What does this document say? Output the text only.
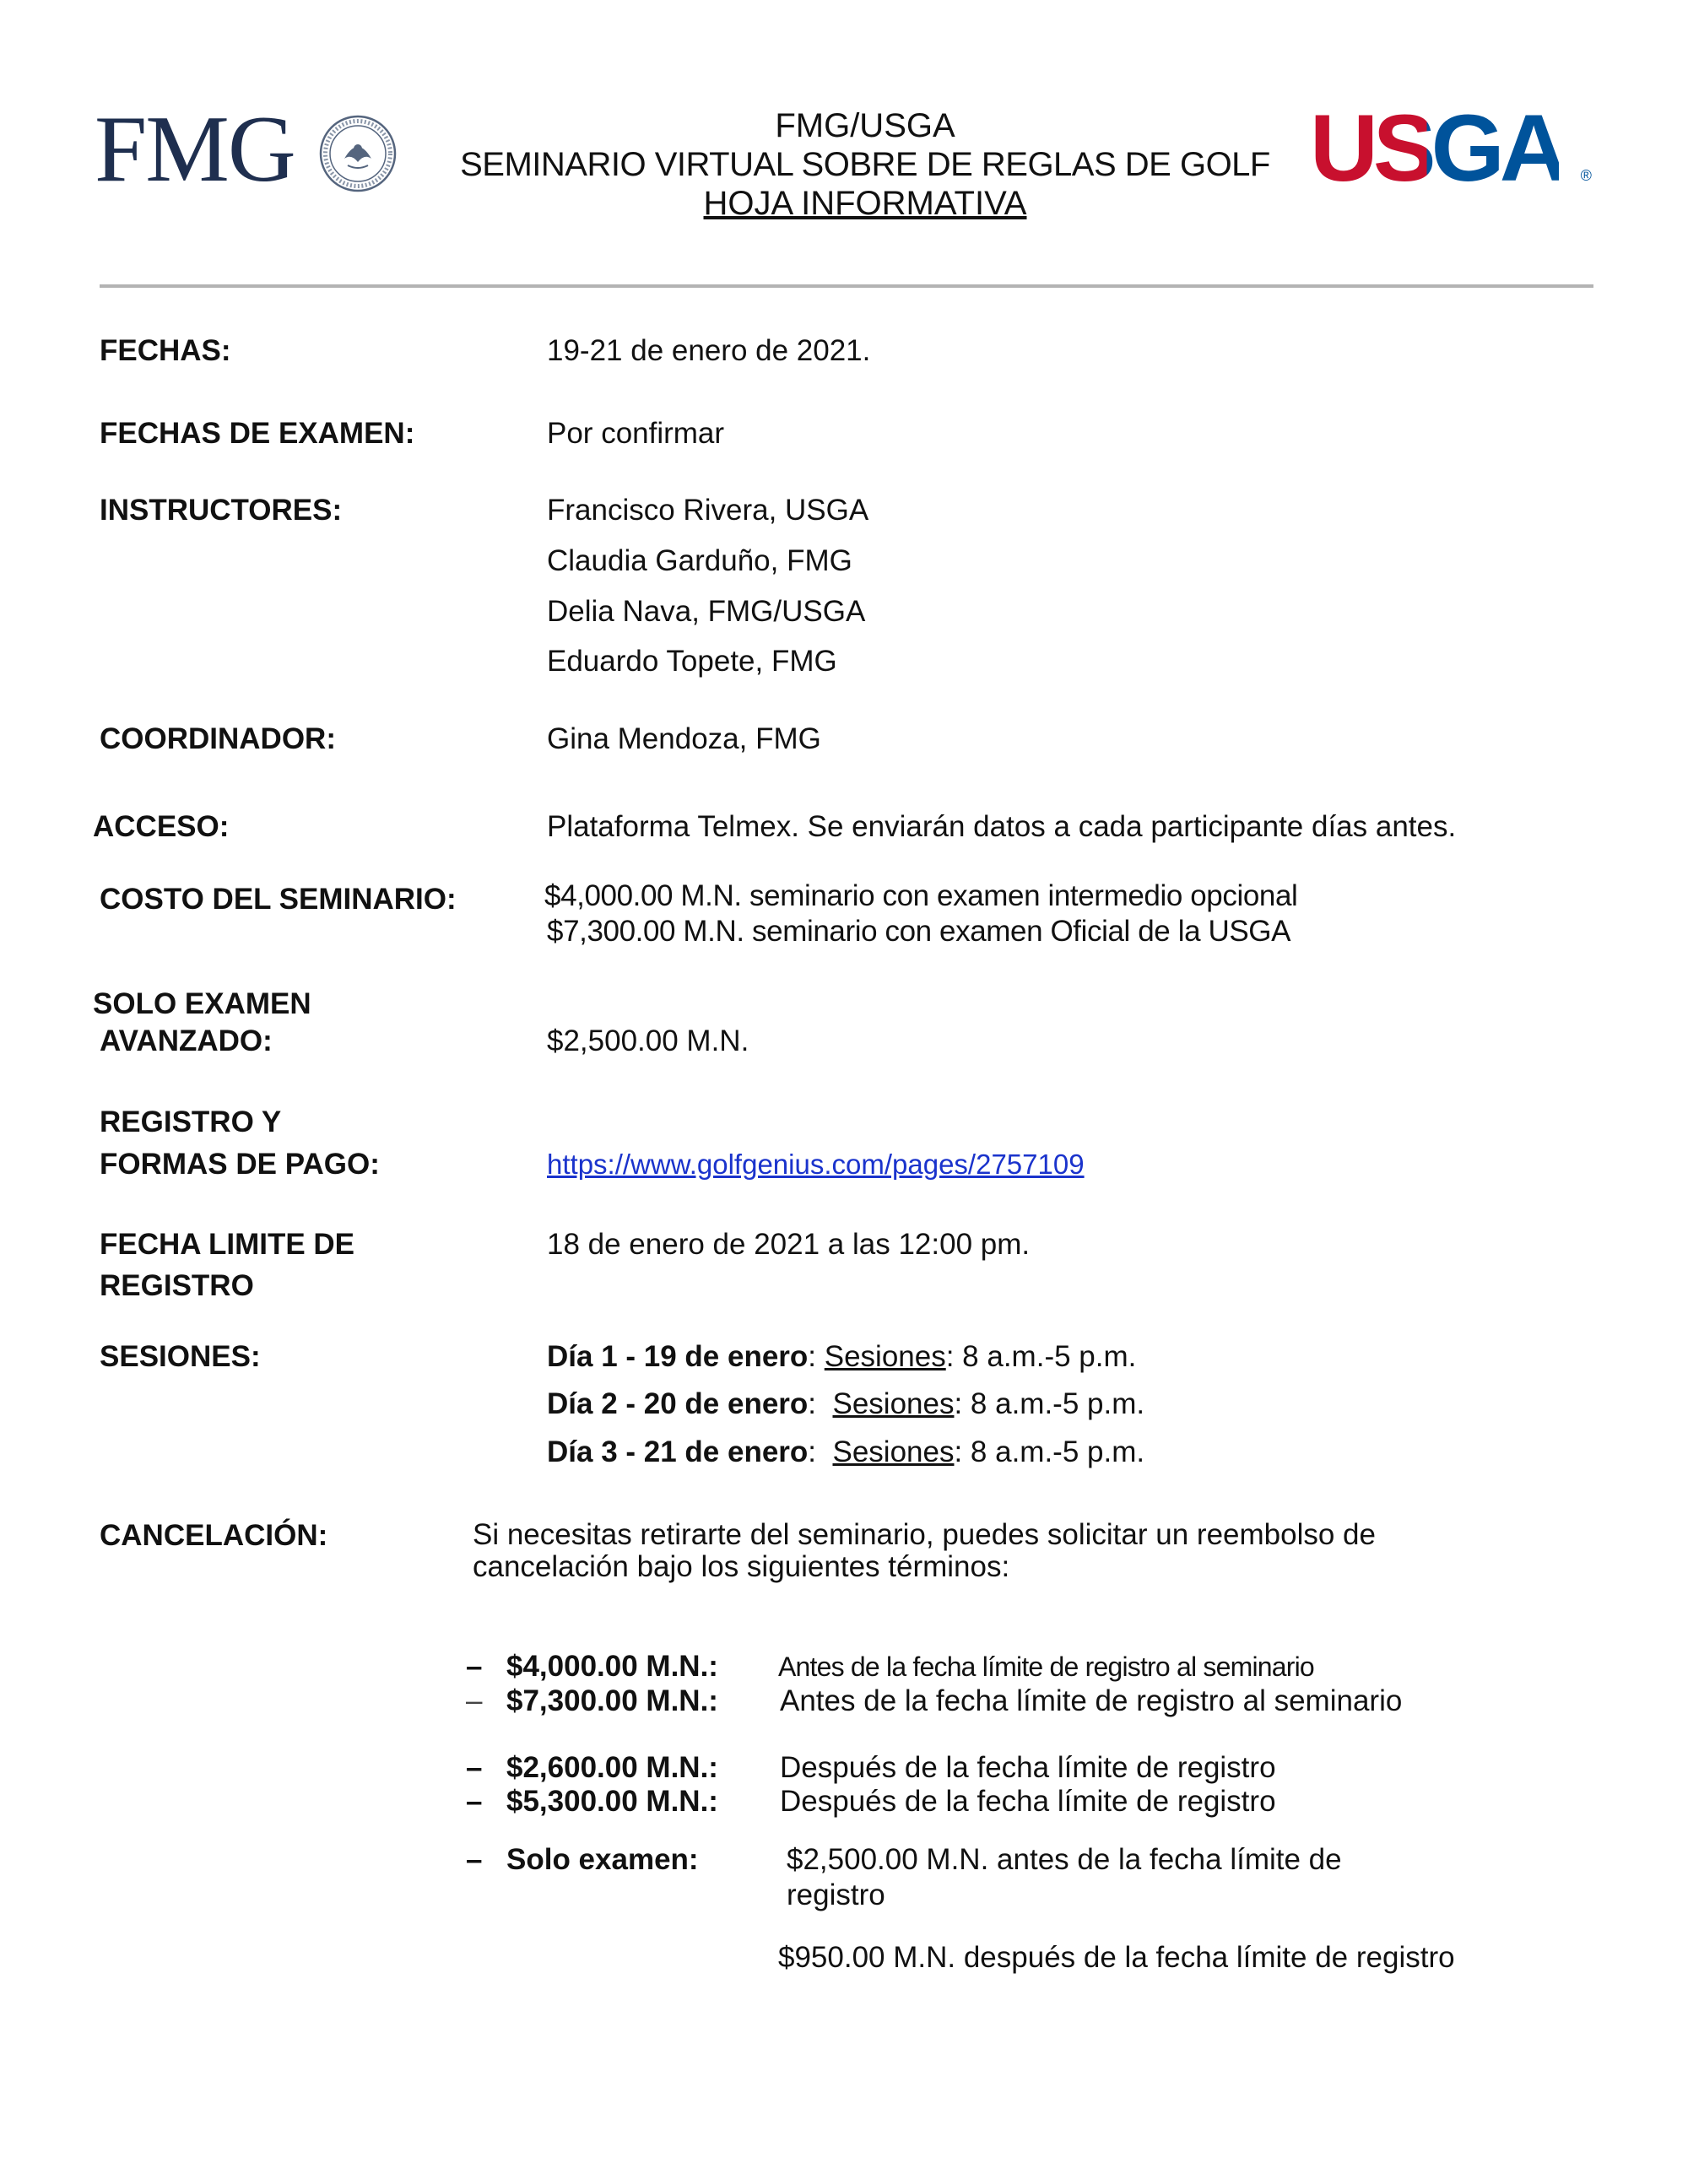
FMG	FMG/USGA
SEMINARIO VIRTUAL SOBRE DE REGLAS DE GOLF
HOJA INFORMATIVA
USGA ®
FECHAS:	19-21 de enero de 2021.
FECHAS DE EXAMEN:	Por confirmar
INSTRUCTORES:	Francisco Rivera, USGA
Claudia Garduño, FMG
Delia Nava, FMG/USGA
Eduardo Topete, FMG
COORDINADOR:	Gina Mendoza, FMG
ACCESO:	Plataforma Telmex. Se enviarán datos a cada participante días antes.
COSTO DEL SEMINARIO:	$4,000.00 M.N. seminario con examen intermedio opcional
$7,300.00 M.N. seminario con examen Oficial de la USGA
SOLO EXAMEN
AVANZADO:	$2,500.00 M.N.
REGISTRO Y
FORMAS DE PAGO:	https://www.golfgenius.com/pages/2757109
FECHA LIMITE DE
REGISTRO
18 de enero de 2021 a las 12:00 pm.
SESIONES:	Día 1 - 19 de enero: Sesiones: 8 a.m.-5 p.m.
Día 2 - 20 de enero:  Sesiones: 8 a.m.-5 p.m.
Día 3 - 21 de enero:  Sesiones: 8 a.m.-5 p.m.
CANCELACIÓN:	Si necesitas retirarte del seminario, puedes solicitar un reembolso de
cancelación bajo los siguientes términos:
– $4,000.00 M.N.: Antes de la fecha límite de registro al seminario
– $7,300.00 M.N.: Antes de la fecha límite de registro al seminario
– $2,600.00 M.N.: Después de la fecha límite de registro
– $5,300.00 M.N.: Después de la fecha límite de registro
– Solo examen:	$2,500.00 M.N. antes de la fecha límite de
registro
$950.00 M.N. después de la fecha límite de registro
